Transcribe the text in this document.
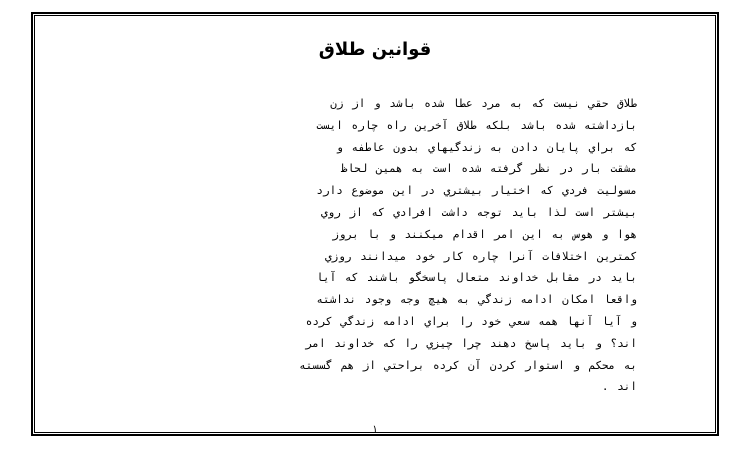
قوانين طلاق
طلاق حقي نيست كه به مرد عطا شده باشد و از زن
بازداشته شده باشد بلكه طلاق آخرين راه چاره ايست
كه براي پايان دادن به زندگيهاي بدون عاطفه و
مشقت بار در نظر گرفته شده است به همين لحاظ
مسوليت فردي كه اختيار بيشتري در اين موضوع دارد
بيشتر است لذا بايد توجه داشت افرادي كه از روي
هوا و هوس به اين امر اقدام ميكنند و با بروز
كمترين اختلافات آنرا چاره كار خود ميدانند روزي
بايد در مقابل خداوند متعال پاسخگو باشند كه آيا
واقعا امكان ادامه زندگي به هيچ وجه وجود نداشته
و آيا آنها همه سعي خود را براي ادامه زندگي كرده
اند؟ و بايد پاسخ دهند چرا چيزي را كه خداوند امر
به محكم و استوار كردن آن كرده براحتي از هم گسسته
اند .
۱
